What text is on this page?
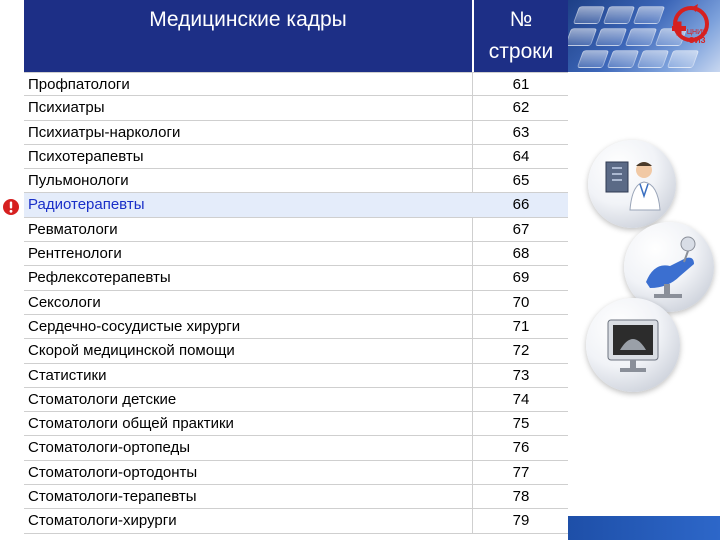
ЦНИИ
ОИЗ
Медицинские кадры	№
строки
Профпатологи	61
Психиатры	62
Психиатры-наркологи	63
Психотерапевты	64
Пульмонологи	65
Радиотерапевты	66
Ревматологи	67
Рентгенологи	68
Рефлексотерапевты	69
Сексологи	70
Сердечно-сосудистые хирурги	71
Скорой медицинской помощи	72
Статистики	73
Стоматологи детские	74
Стоматологи общей практики	75
Стоматологи-ортопеды	76
Стоматологи-ортодонты	77
Стоматологи-терапевты	78
Стоматологи-хирурги	79
